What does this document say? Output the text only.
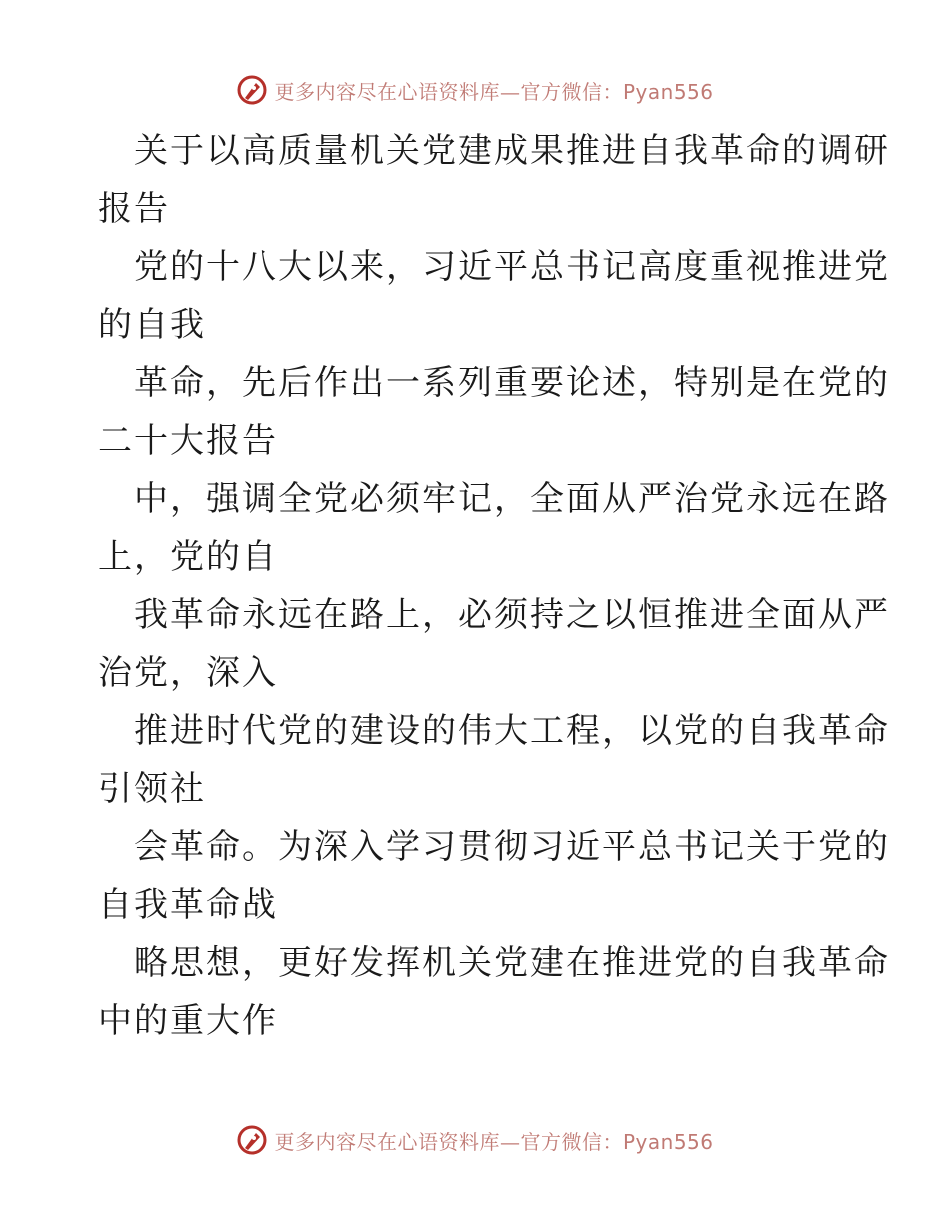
更多内容尽在心语资料库—官方微信：Pyan556

关于以高质量机关党建成果推进自我革命的调研
报告

党的十八大以来，习近平总书记高度重视推进党
的自我

革命，先后作出一系列重要论述，特别是在党的
二十大报告

中，强调全党必须牢记，全面从严治党永远在路
上，党的自

我革命永远在路上，必须持之以恒推进全面从严
治党，深入

推进时代党的建设的伟大工程，以党的自我革命
引领社

会革命。为深入学习贯彻习近平总书记关于党的
自我革命战

略思想，更好发挥机关党建在推进党的自我革命
中的重大作

更多内容尽在心语资料库—官方微信：Pyan556
